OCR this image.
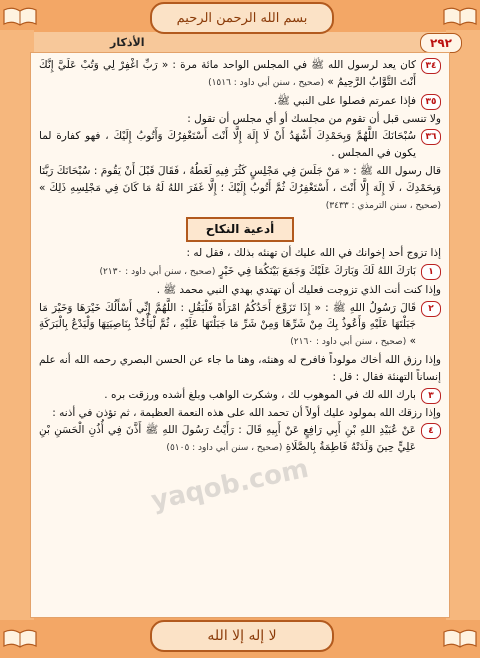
بسم الله الرحمن الرحيم
٢٩٢
الأذكار
٣٤
كان يعد لرسول الله ﷺ في المجلس الواحد مائة مرة : « رَبِّ اغْفِرْ لِي وَتُبْ عَلَيَّ إِنَّكَ أَنْتَ التَّوَّابُ الرَّحِيمُ » (صحيح ، سنن أبي داود : ١٥١٦)
٣٥
فإذا عمرتم فصلوا على النبي ﷺ.
ولا تنسى قبل أن تقوم من مجلسك أو أي مجلس أن تقول :
٣٦
سُبْحَانَكَ اللَّهُمَّ وَبِحَمْدِكَ أَشْهَدُ أَنْ لَا إِلَهَ إِلَّا أَنْتَ أَسْتَغْفِرُكَ وَأَتُوبُ إِلَيْكَ ، فهو كفارة لما يكون في المجلس .
قال رسول الله ﷺ : « مَنْ جَلَسَ فِي مَجْلِسٍ كَثُرَ فِيهِ لَغَطُهُ ، فَقَالَ قَبْلَ أَنْ يَقُومَ : سُبْحَانَكَ رَبَّنَا وَبِحَمْدِكَ ، لَا إِلَهَ إِلَّا أَنْتَ ، أَسْتَغْفِرُكَ ثُمَّ أَتُوبُ إِلَيْكَ ؛ إِلَّا غَفَرَ اللهُ لَهُ مَا كَانَ فِي مَجْلِسِهِ ذَلِكَ » (صحيح ، سنن الترمذي : ٣٤٣٣)
أدعية النكاح
إذا تزوج أحد إخوانك في الله عليك أن تهنئه بذلك ، فقل له :
١
بَارَكَ اللهُ لَكَ وَبَارَكَ عَلَيْكَ وَجَمَعَ بَيْنَكُمَا فِي خَيْرٍ (صحيح ، سنن أبي داود : ٢١٣٠)
وإذا كنت أنت الذي تزوجت فعليك أن تهتدي بهدي النبي محمد ﷺ .
٢
قَالَ رَسُولُ اللهِ ﷺ : « إِذَا تَزَوَّجَ أَحَدُكُمُ امْرَأَةً فَلْيَقُلِ : اللَّهُمَّ إِنِّي أَسْأَلُكَ خَيْرَهَا وَخَيْرَ مَا جَبَلْتَهَا عَلَيْهِ وَأَعُوذُ بِكَ مِنْ شَرِّهَا وَمِنْ شَرِّ مَا جَبَلْتَهَا عَلَيْهِ ، ثُمَّ لْيَأْخُذْ بِنَاصِيَتِهَا وَلْيَدْعُ بِالْبَرَكَةِ » (صحيح ، سنن أبي داود : ٢١٦٠)
وإذا رزق الله أخاك مولوداً فافرح له وهنئه، وهنا ما جاء عن الحسن البصري رحمه الله أنه علم إنساناً التهنئة فقال : قل :
٣
بارك الله لك في الموهوب لك ، وشكرت الواهب وبلغ أشده ورزقت بره .
وإذا رزقك الله بمولود عليك أولاً أن تحمد الله على هذه النعمة العظيمة ، ثم تؤذن في أذنه :
٤
عَنْ عُبَيْدِ اللهِ بْنِ أَبِي رَافِعٍ عَنْ أَبِيهِ قَالَ : رَأَيْتُ رَسُولَ اللهِ ﷺ أَذَّنَ فِي أُذُنِ الْحَسَنِ بْنِ عَلِيٍّ حِينَ وَلَدَتْهُ فَاطِمَةُ بِالصَّلَاةِ (صحيح ، سنن أبي داود : ٥١٠٥)
yaqob.com
لا إله إلا الله
